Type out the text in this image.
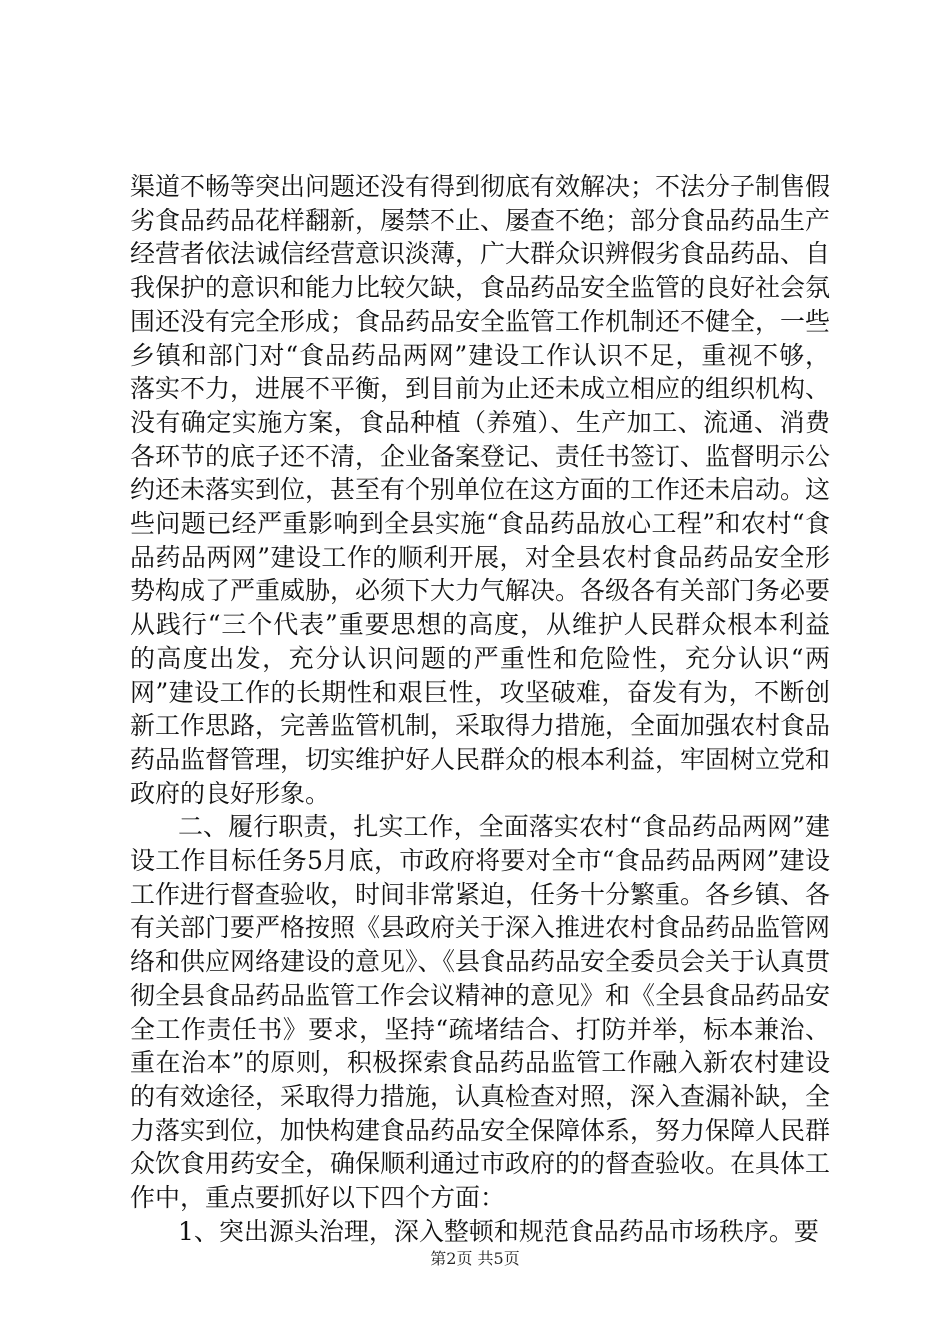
渠道不畅等突出问题还没有得到彻底有效解决；不法分子制售假劣食品药品花样翻新，屡禁不止、屡查不绝；部分食品药品生产经营者依法诚信经营意识淡薄，广大群众识辨假劣食品药品、自我保护的意识和能力比较欠缺，食品药品安全监管的良好社会氛围还没有完全形成；食品药品安全监管工作机制还不健全，一些乡镇和部门对“食品药品两网”建设工作认识不足，重视不够，落实不力，进展不平衡，到目前为止还未成立相应的组织机构、没有确定实施方案，食品种植（养殖）、生产加工、流通、消费各环节的底子还不清，企业备案登记、责任书签订、监督明示公约还未落实到位，甚至有个别单位在这方面的工作还未启动。这些问题已经严重影响到全县实施“食品药品放心工程”和农村“食品药品两网”建设工作的顺利开展，对全县农村食品药品安全形势构成了严重威胁，必须下大力气解决。各级各有关部门务必要从践行“三个代表”重要思想的高度，从维护人民群众根本利益的高度出发，充分认识问题的严重性和危险性，充分认识“两网”建设工作的长期性和艰巨性，攻坚破难，奋发有为，不断创新工作思路，完善监管机制，采取得力措施，全面加强农村食品药品监督管理，切实维护好人民群众的根本利益，牢固树立党和政府的良好形象。

二、履行职责，扎实工作，全面落实农村“食品药品两网”建设工作目标任务5月底，市政府将要对全市“食品药品两网”建设工作进行督查验收，时间非常紧迫，任务十分繁重。各乡镇、各有关部门要严格按照《县政府关于深入推进农村食品药品监管网络和供应网络建设的意见》、《县食品药品安全委员会关于认真贯彻全县食品药品监管工作会议精神的意见》和《全县食品药品安全工作责任书》要求，坚持“疏堵结合、打防并举，标本兼治、重在治本”的原则，积极探索食品药品监管工作融入新农村建设的有效途径，采取得力措施，认真检查对照，深入查漏补缺，全力落实到位，加快构建食品药品安全保障体系，努力保障人民群众饮食用药安全，确保顺利通过市政府的的督查验收。在具体工作中，重点要抓好以下四个方面：

1、突出源头治理，深入整顿和规范食品药品市场秩序。要

第2页 共5页
